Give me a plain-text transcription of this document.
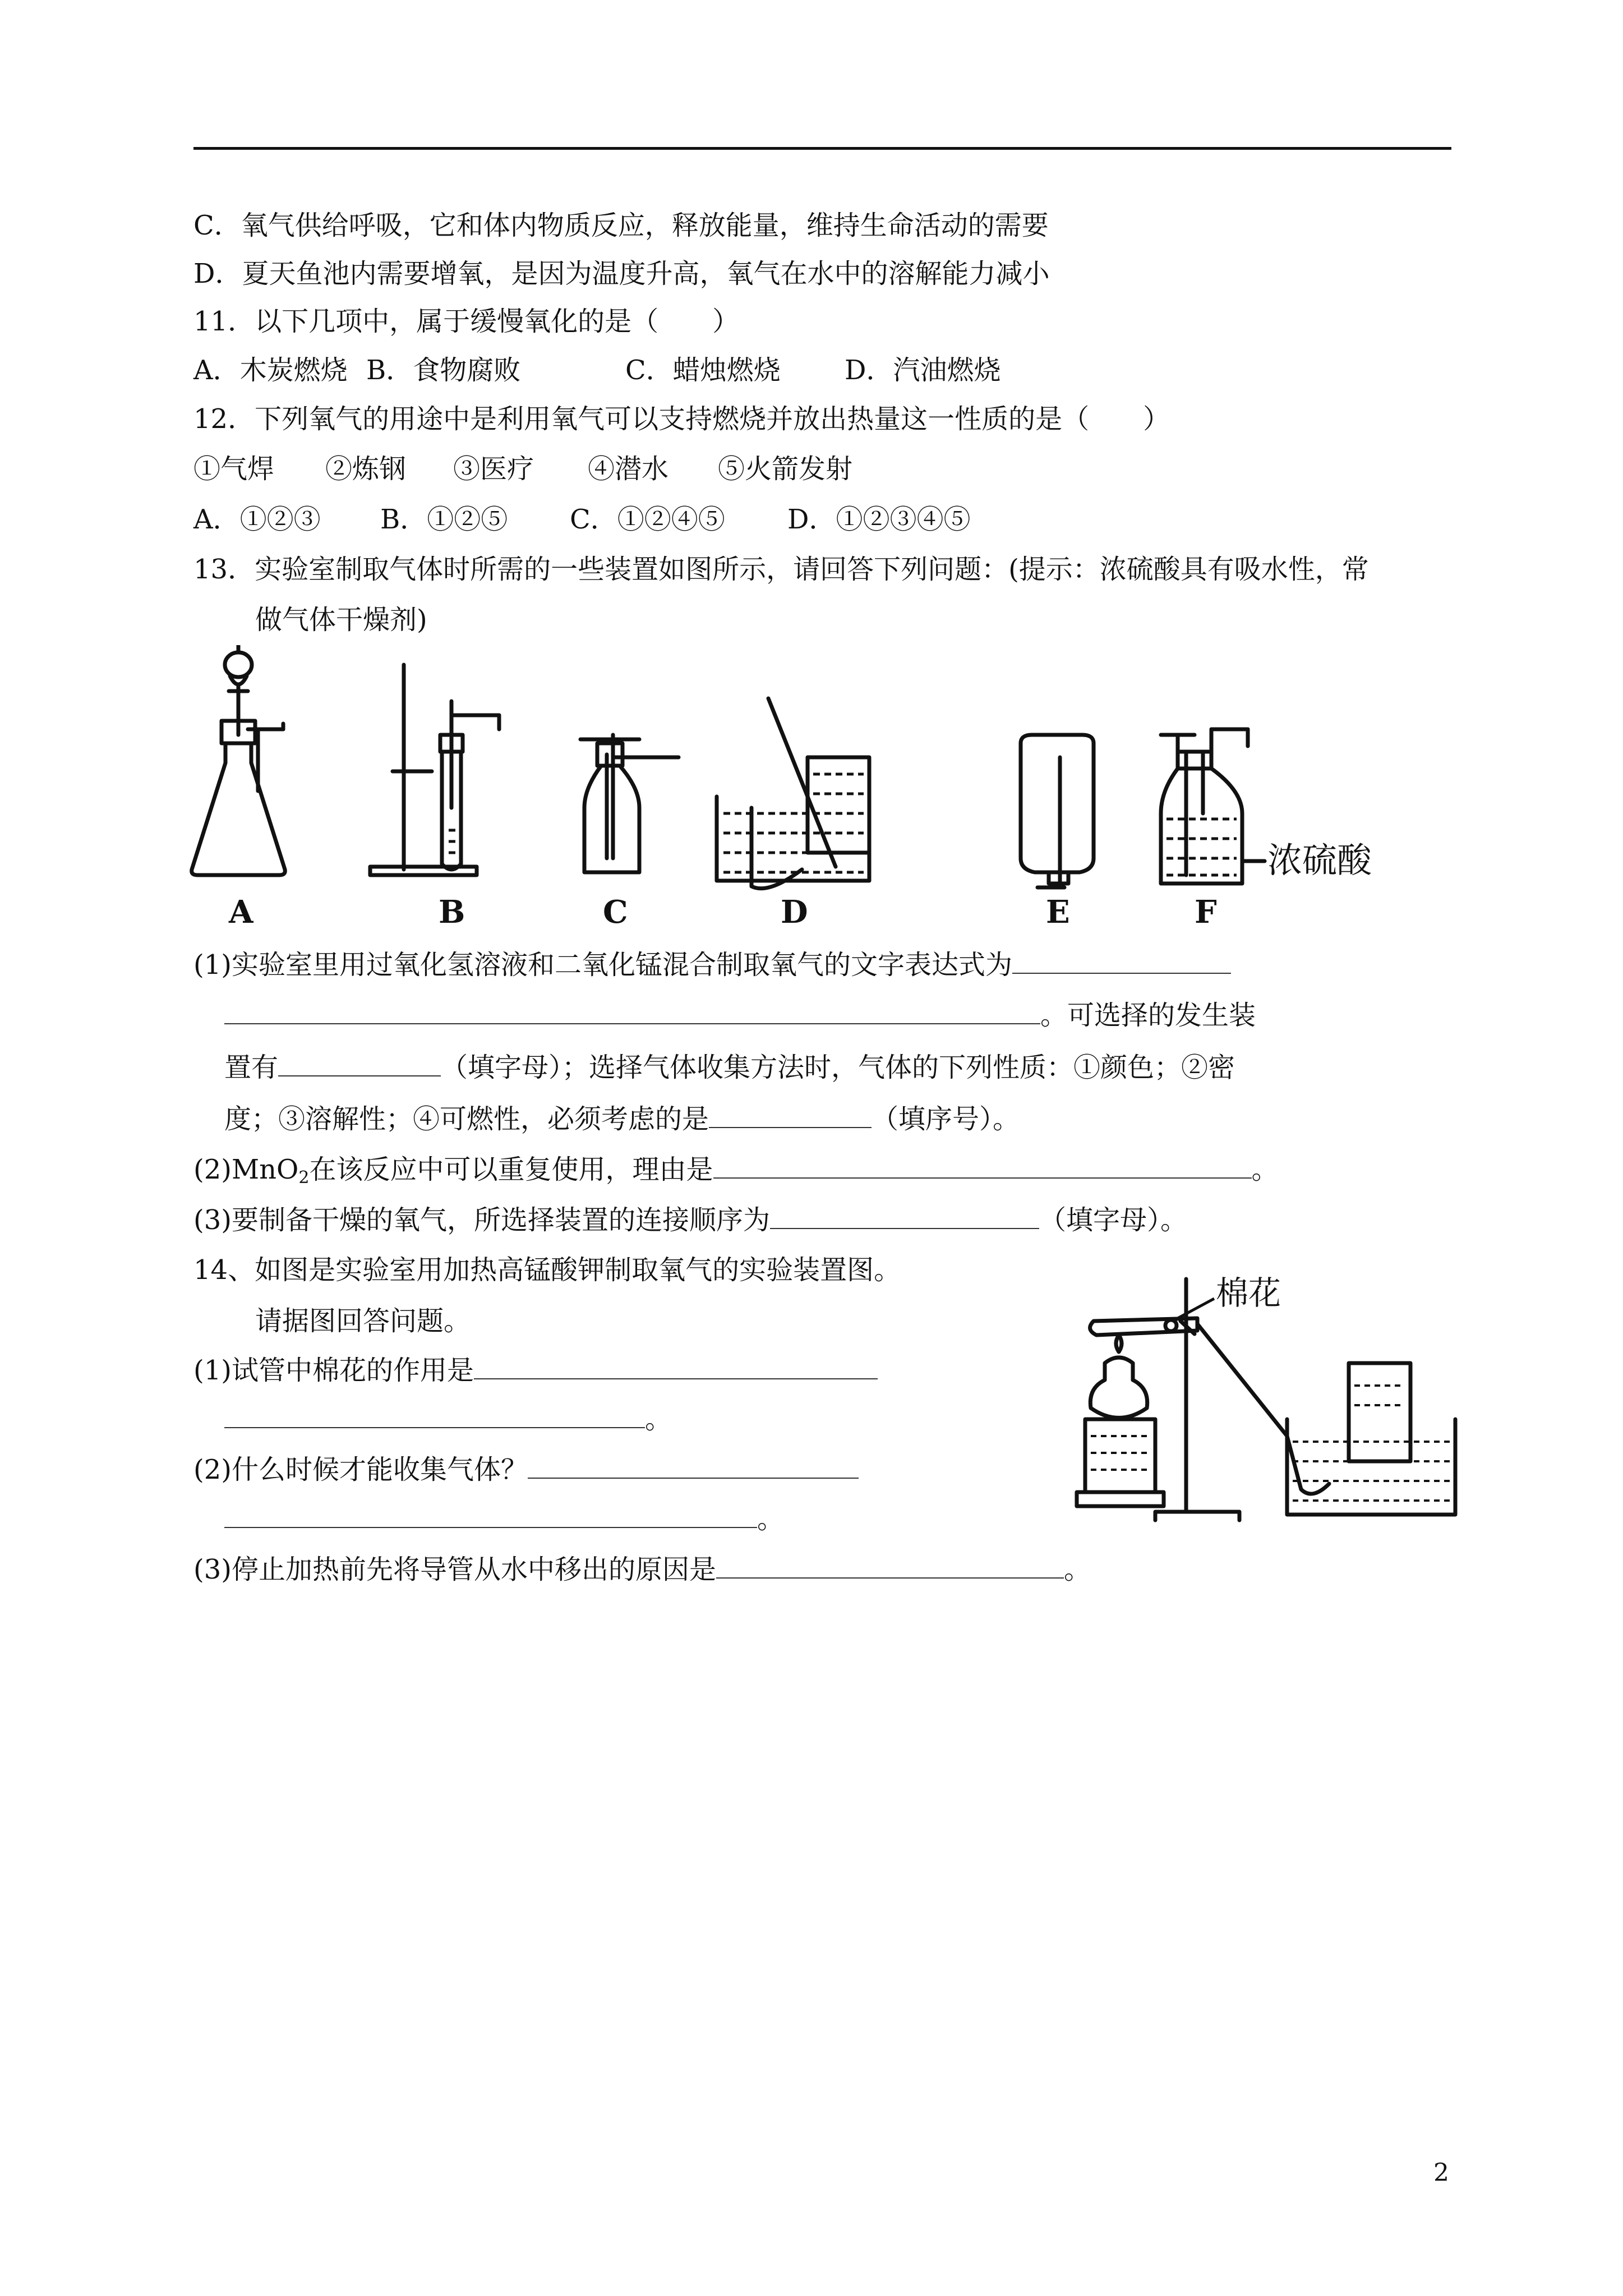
C．氧气供给呼吸，它和体内物质反应，释放能量，维持生命活动的需要
D．夏天鱼池内需要增氧，是因为温度升高，氧气在水中的溶解能力减小
11．以下几项中，属于缓慢氧化的是（　　）
A．木炭燃烧 B．食物腐败	C．蜡烛燃烧 D．汽油燃烧
12．下列氧气的用途中是利用氧气可以支持燃烧并放出热量这一性质的是（　　）
①气焊 ②炼钢 ③医疗 ④潜水 ⑤火箭发射
A．①②③ B．①②⑤ C．①②④⑤ D．①②③④⑤
13．实验室制取气体时所需的一些装置如图所示，请回答下列问题：(提示：浓硫酸具有吸水性，常
做气体干燥剂)
A	B	C	D	E	F
浓硫酸
(1)实验室里用过氧化氢溶液和二氧化锰混合制取氧气的文字表达式为
。可选择的发生装
置有	（填字母）；选择气体收集方法时，气体的下列性质：①颜色；②密
度；③溶解性；④可燃性，必须考虑的是	（填序号）。
(2)MnO$_2$在该反应中可以重复使用，理由是	。
(3)要制备干燥的氧气，所选择装置的连接顺序为	（填字母）。
14、如图是实验室用加热高锰酸钾制取氧气的实验装置图。
请据图回答问题。
(1)试管中棉花的作用是
。
(2)什么时候才能收集气体？
。
(3)停止加热前先将导管从水中移出的原因是	。
棉花
2
